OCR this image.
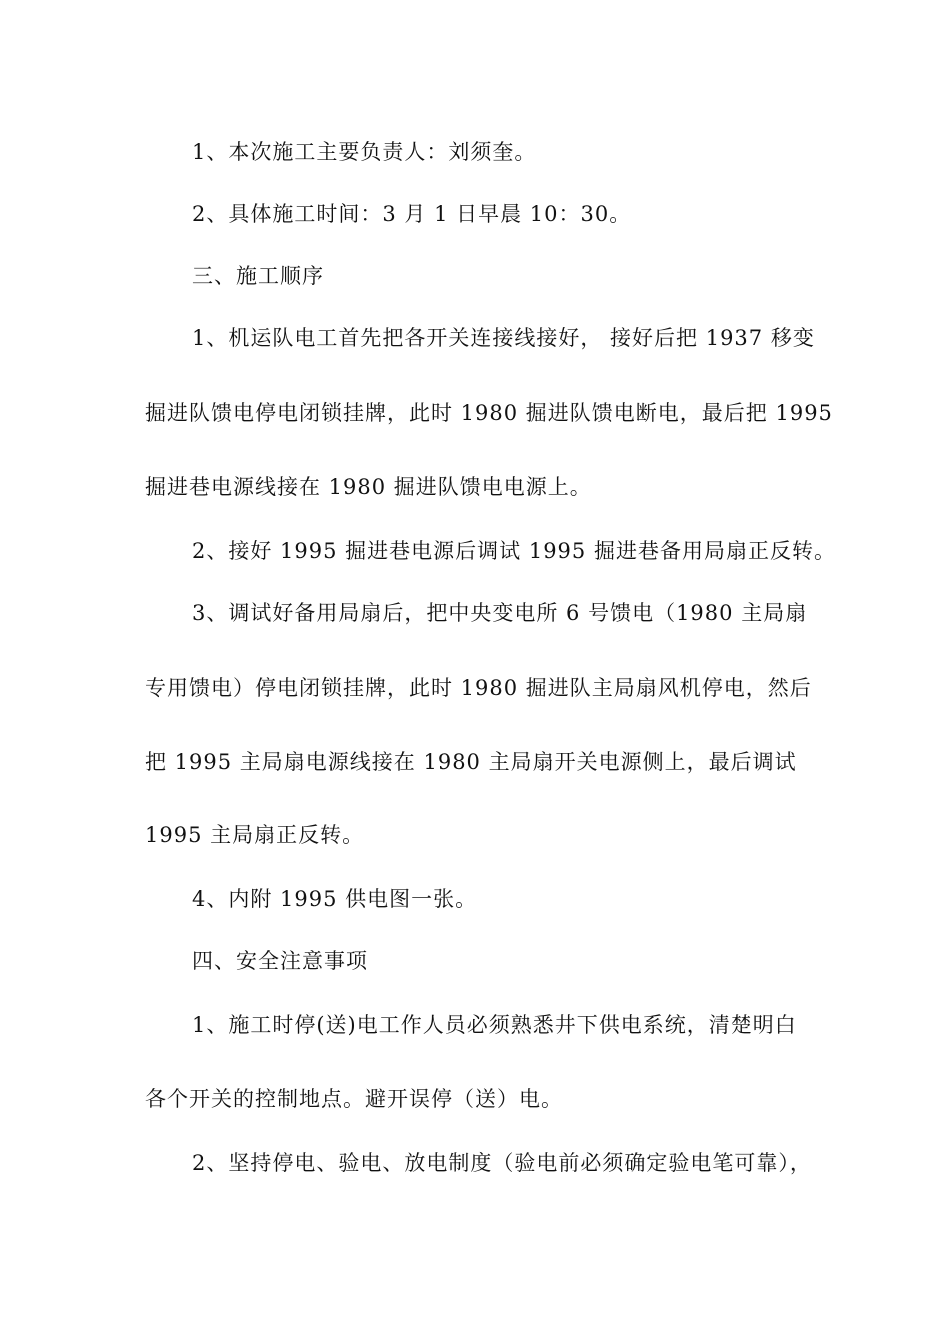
1、本次施工主要负责人：刘须奎。
2、具体施工时间：3 月 1 日早晨 10：30。
三、施工顺序
1、机运队电工首先把各开关连接线接好， 接好后把 1937 移变
掘进队馈电停电闭锁挂牌，此时 1980 掘进队馈电断电，最后把 1995
掘进巷电源线接在 1980 掘进队馈电电源上。
2、接好 1995 掘进巷电源后调试 1995 掘进巷备用局扇正反转。
3、调试好备用局扇后，把中央变电所 6 号馈电（1980 主局扇
专用馈电）停电闭锁挂牌，此时 1980 掘进队主局扇风机停电，然后
把 1995 主局扇电源线接在 1980 主局扇开关电源侧上，最后调试
1995 主局扇正反转。
4、内附 1995 供电图一张。
四、安全注意事项
1、施工时停(送)电工作人员必须熟悉井下供电系统，清楚明白
各个开关的控制地点。避开误停（送）电。
2、坚持停电、验电、放电制度（验电前必须确定验电笔可靠），
